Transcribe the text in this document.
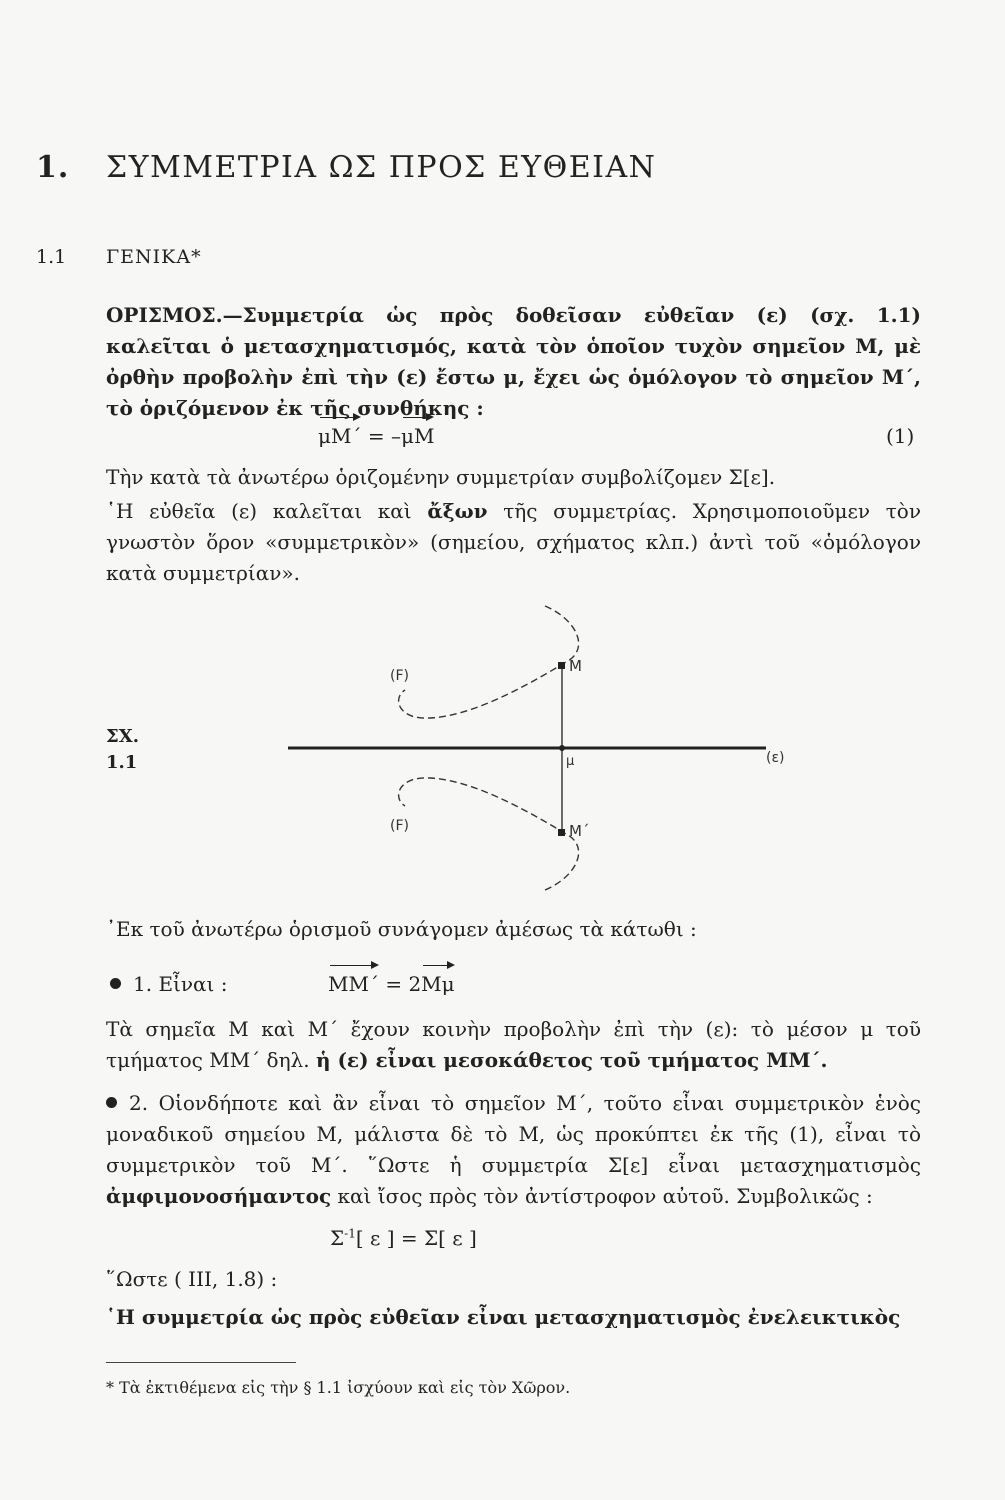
1. ΣΥΜΜΕΤΡΙΑ ΩΣ ΠΡΟΣ ΕΥΘΕΙΑΝ
1.1 ΓΕΝΙΚΑ*
ΟΡΙΣΜΟΣ.—Συμμετρία ὡς πρὸς δοθεῖσαν εὐθεῖαν (ε) (σχ. 1.1) καλεῖται ὁ μετασχηματισμός, κατὰ τὸν ὁποῖον τυχὸν σημεῖον Μ, μὲ ὀρθὴν προβολὴν ἐπὶ τὴν (ε) ἔστω μ, ἔχει ὡς ὁμόλογον τὸ σημεῖον Μ΄, τὸ ὁριζόμενον ἐκ τῆς συνθήκης :
μΜ΄ = –μΜ	(1)
Τὴν κατὰ τὰ ἀνωτέρω ὁριζομένην συμμετρίαν συμβολίζομεν Σ[ε].
῾Η εὐθεῖα (ε) καλεῖται καὶ ἄξων τῆς συμμετρίας. Χρησιμοποιοῦμεν τὸν γνωστὸν ὅρον «συμμετρικὸν» (σημείου, σχήματος κλπ.) ἀντὶ τοῦ «ὁμόλογον κατὰ συμμετρίαν».
ΣΧ.
1.1
Μ
Μ΄
μ	(ε)
(F)
(F)
᾿Εκ τοῦ ἀνωτέρω ὁρισμοῦ συνάγομεν ἀμέσως τὰ κάτωθι :
1. Εἶναι :	ΜΜ΄ = 2Μμ
Τὰ σημεῖα Μ καὶ Μ΄ ἔχουν κοινὴν προβολὴν ἐπὶ τὴν (ε): τὸ μέσον μ τοῦ τμήματος ΜΜ΄ δηλ. ἡ (ε) εἶναι μεσοκάθετος τοῦ τμήματος ΜΜ΄.
2. Οἱονδήποτε καὶ ἂν εἶναι τὸ σημεῖον Μ΄, τοῦτο εἶναι συμμετρικὸν ἑνὸς μοναδικοῦ σημείου Μ, μάλιστα δὲ τὸ Μ, ὡς προκύπτει ἐκ τῆς (1), εἶναι τὸ συμμετρικὸν τοῦ Μ΄. ῞Ωστε ἡ συμμετρία Σ[ε] εἶναι μετασχηματισμὸς ἀμφιμονοσήμαντος καὶ ἴσος πρὸς τὸν ἀντίστροφον αὐτοῦ. Συμβολικῶς :
$\Sigma^{-1}$[ ε ] = Σ[ ε ]
῞Ωστε ( ΙΙΙ, 1.8) :
῾Η συμμετρία ὡς πρὸς εὐθεῖαν εἶναι μετασχηματισμὸς ἐνελεικτικὸς
* Τὰ ἐκτιθέμενα εἰς τὴν § 1.1 ἰσχύουν καὶ εἰς τὸν Χῶρον.
